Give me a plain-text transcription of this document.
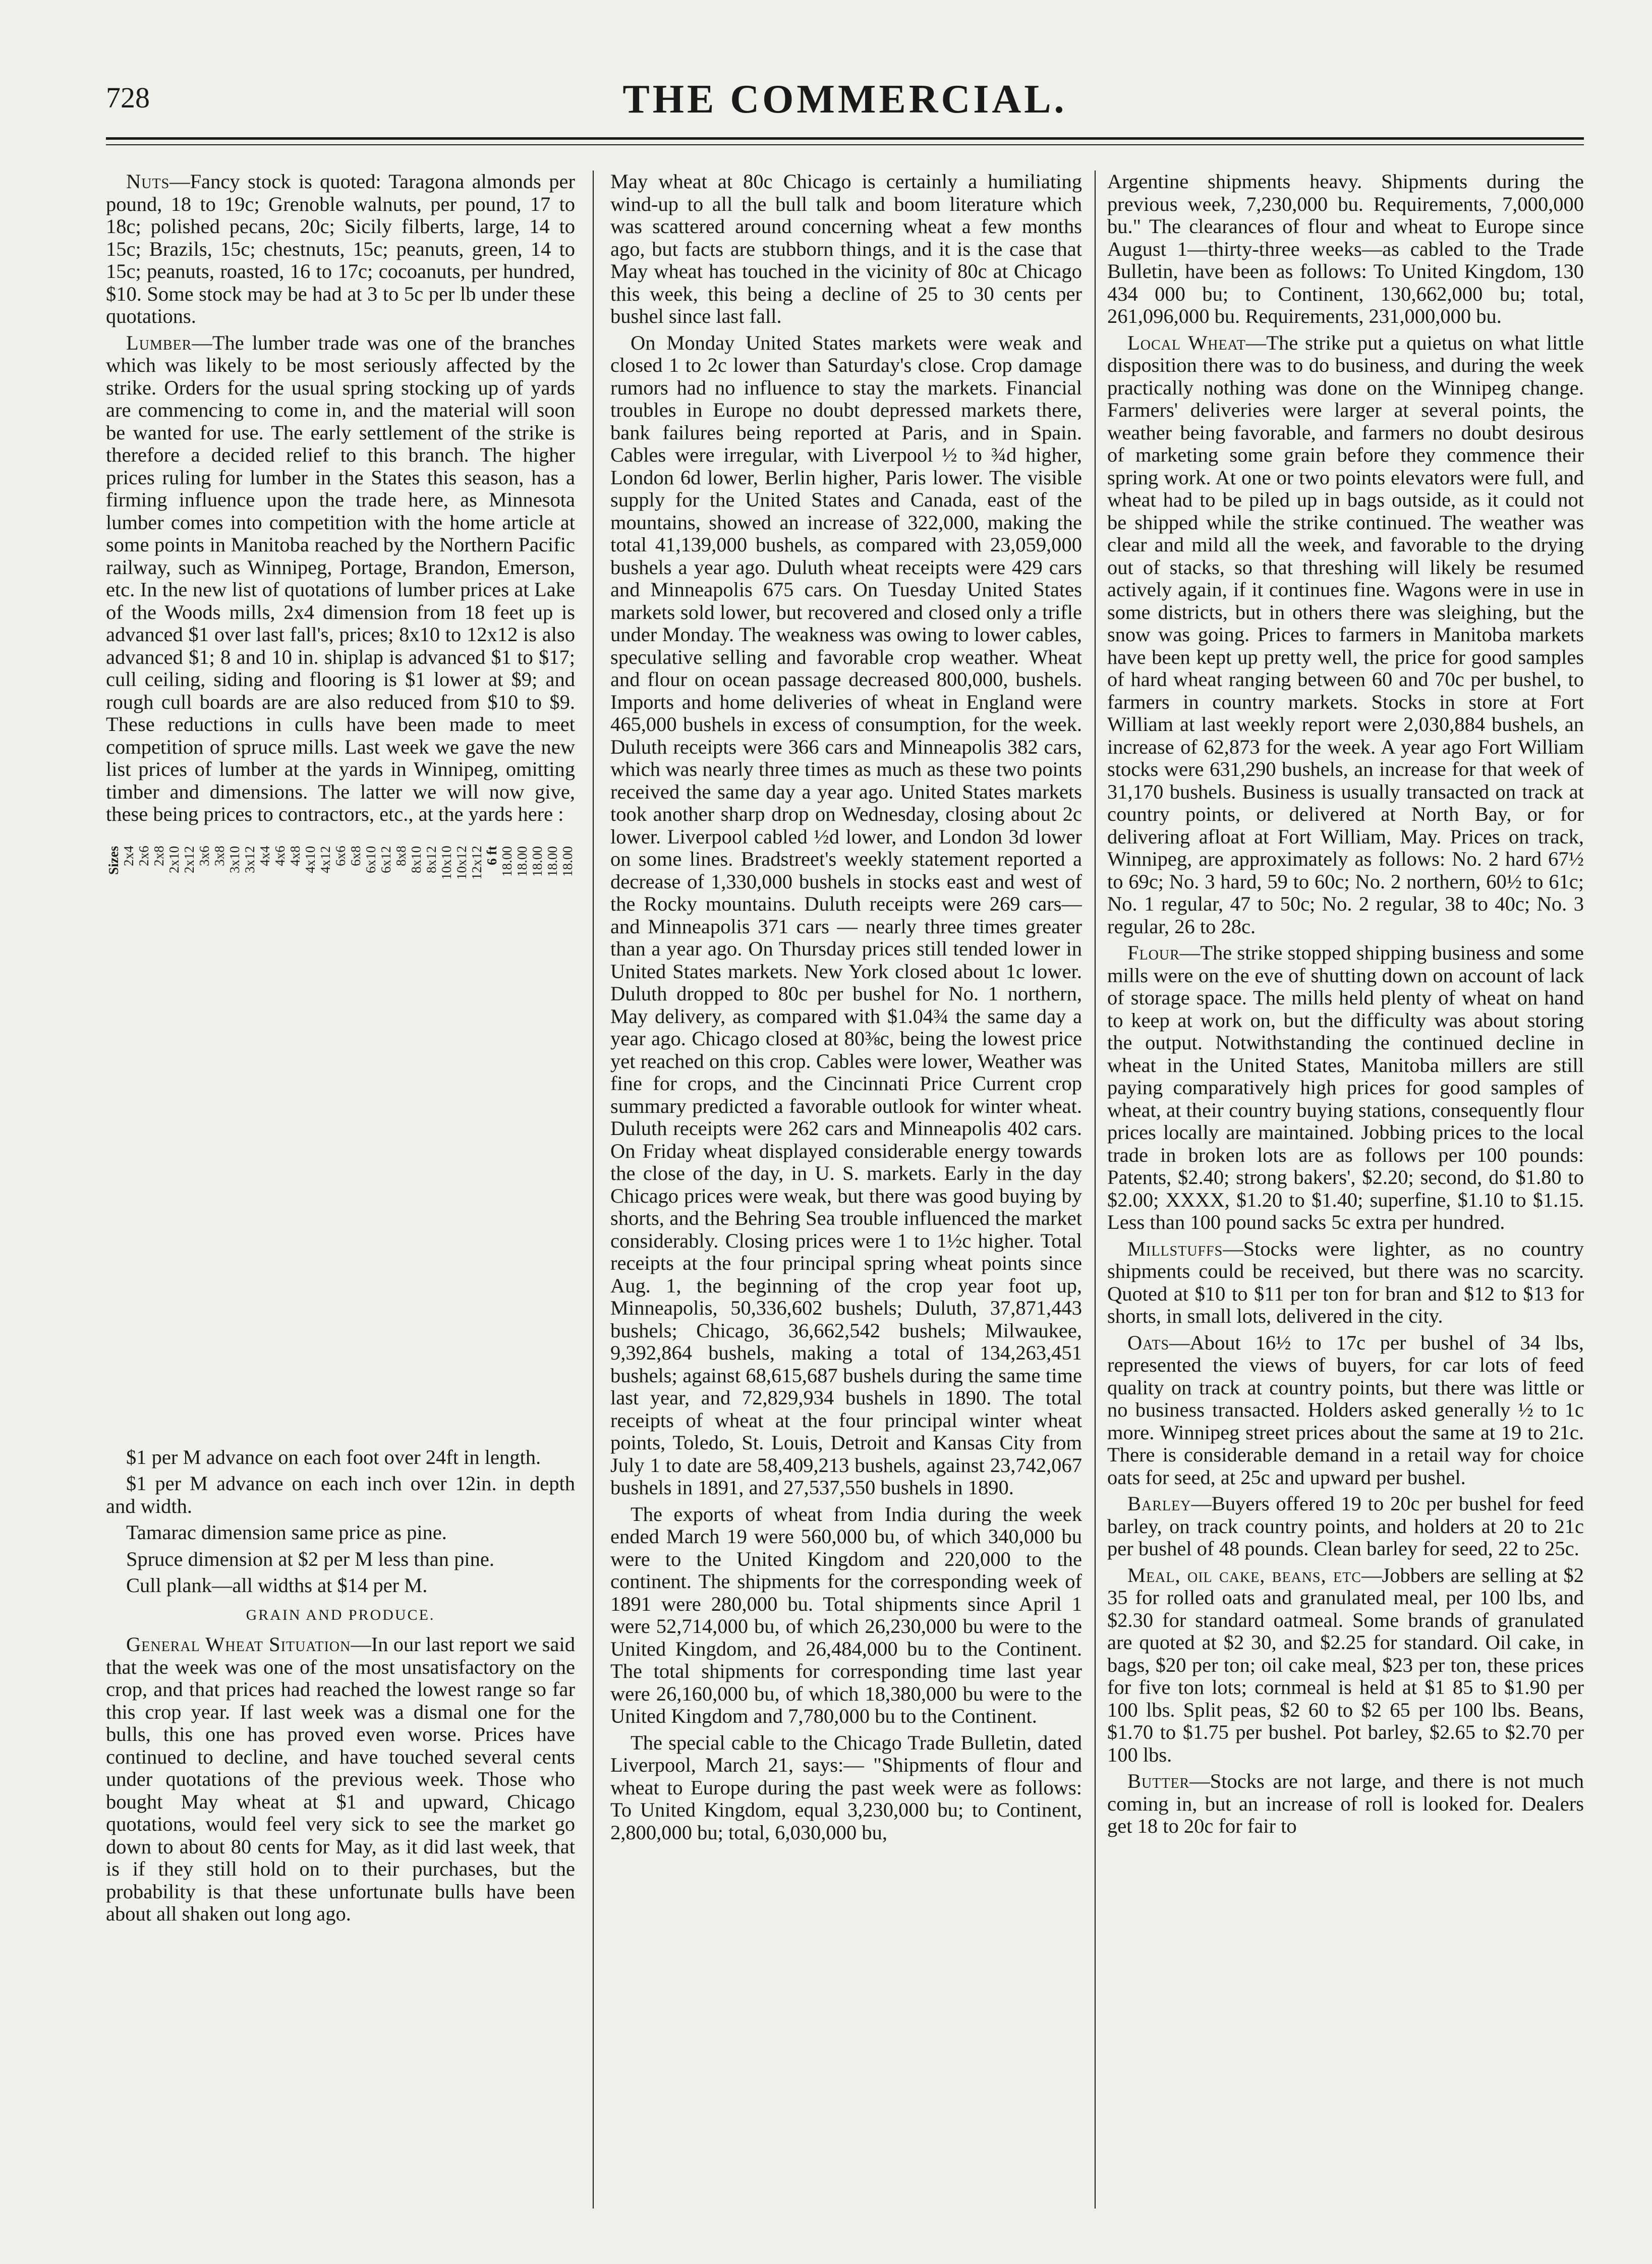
728	THE COMMERCIAL.

Nuts—Fancy stock is quoted: Taragona almonds per pound, 18 to 19c; Grenoble walnuts, per pound, 17 to 18c; polished pecans, 20c; Sicily filberts, large, 14 to 15c; Brazils, 15c; chestnuts, 15c; peanuts, green, 14 to 15c; peanuts, roasted, 16 to 17c; cocoanuts, per hundred, $10. Some stock may be had at 3 to 5c per lb under these quotations.

Lumber—The lumber trade was one of the branches which was likely to be most seriously affected by the strike. Orders for the usual spring stocking up of yards are commencing to come in, and the material will soon be wanted for use. The early settlement of the strike is therefore a decided relief to this branch. The higher prices ruling for lumber in the States this season, has a firming influence upon the trade here, as Minnesota lumber comes into competition with the home article at some points in Manitoba reached by the Northern Pacific railway, such as Winnipeg, Portage, Brandon, Emerson, etc. In the new list of quotations of lumber prices at Lake of the Woods mills, 2x4 dimension from 18 feet up is advanced $1 over last fall's, prices; 8x10 to 12x12 is also advanced $1; 8 and 10 in. shiplap is advanced $1 to $17; cull ceiling, siding and flooring is $1 lower at $9; and rough cull boards are are also reduced from $10 to $9. These reductions in culls have been made to meet competition of spruce mills. Last week we gave the new list prices of lumber at the yards in Winnipeg, omitting timber and dimensions. The latter we will now give, these being prices to contractors, etc., at the yards here :

Sizes
2x4
2x6
2x8
2x10
2x12
3x6
3x8
3x10
3x12
4x4
4x6
4x8
4x10
4x12
6x6
6x8
6x10
6x12
8x8
8x10
8x12
10x10
10x12
12x12 6 ft
18.00
18.00
18.00
18.00
18.00

$1 per M advance on each foot over 24ft in length.

$1 per M advance on each inch over 12in. in depth and width.

Tamarac dimension same price as pine.

Spruce dimension at $2 per M less than pine.

Cull plank—all widths at $14 per M.

GRAIN AND PRODUCE.

General Wheat Situation—In our last report we said that the week was one of the most unsatisfactory on the crop, and that prices had reached the lowest range so far this crop year. If last week was a dismal one for the bulls, this one has proved even worse. Prices have continued to decline, and have touched several cents under quotations of the previous week. Those who bought May wheat at $1 and upward, Chicago quotations, would feel very sick to see the market go down to about 80 cents for May, as it did last week, that is if they still hold on to their purchases, but the probability is that these unfortunate bulls have been about all shaken out long ago.

May wheat at 80c Chicago is certainly a humiliating wind-up to all the bull talk and boom literature which was scattered around concerning wheat a few months ago, but facts are stubborn things, and it is the case that May wheat has touched in the vicinity of 80c at Chicago this week, this being a decline of 25 to 30 cents per bushel since last fall.

On Monday United States markets were weak and closed 1 to 2c lower than Saturday's close. Crop damage rumors had no influence to stay the markets. Financial troubles in Europe no doubt depressed markets there, bank failures being reported at Paris, and in Spain. Cables were irregular, with Liverpool ½ to ¾d higher, London 6d lower, Berlin higher, Paris lower. The visible supply for the United States and Canada, east of the mountains, showed an increase of 322,000, making the total 41,139,000 bushels, as compared with 23,059,000 bushels a year ago. Duluth wheat receipts were 429 cars and Minneapolis 675 cars. On Tuesday United States markets sold lower, but recovered and closed only a trifle under Monday. The weakness was owing to lower cables, speculative selling and favorable crop weather. Wheat and flour on ocean passage decreased 800,000, bushels. Imports and home deliveries of wheat in England were 465,000 bushels in excess of consumption, for the week. Duluth receipts were 366 cars and Minneapolis 382 cars, which was nearly three times as much as these two points received the same day a year ago. United States markets took another sharp drop on Wednesday, closing about 2c lower. Liverpool cabled ½d lower, and London 3d lower on some lines. Bradstreet's weekly statement reported a decrease of 1,330,000 bushels in stocks east and west of the Rocky mountains. Duluth receipts were 269 cars—and Minneapolis 371 cars — nearly three times greater than a year ago. On Thursday prices still tended lower in United States markets. New York closed about 1c lower. Duluth dropped to 80c per bushel for No. 1 northern, May delivery, as compared with $1.04¾ the same day a year ago. Chicago closed at 80⅜c, being the lowest price yet reached on this crop. Cables were lower, Weather was fine for crops, and the Cincinnati Price Current crop summary predicted a favorable outlook for winter wheat. Duluth receipts were 262 cars and Minneapolis 402 cars. On Friday wheat displayed considerable energy towards the close of the day, in U. S. markets. Early in the day Chicago prices were weak, but there was good buying by shorts, and the Behring Sea trouble influenced the market considerably. Closing prices were 1 to 1½c higher. Total receipts at the four principal spring wheat points since Aug. 1, the beginning of the crop year foot up, Minneapolis, 50,336,602 bushels; Duluth, 37,871,443 bushels; Chicago, 36,662,542 bushels; Milwaukee, 9,392,864 bushels, making a total of 134,263,451 bushels; against 68,615,687 bushels during the same time last year, and 72,829,934 bushels in 1890. The total receipts of wheat at the four principal winter wheat points, Toledo, St. Louis, Detroit and Kansas City from July 1 to date are 58,409,213 bushels, against 23,742,067 bushels in 1891, and 27,537,550 bushels in 1890.

The exports of wheat from India during the week ended March 19 were 560,000 bu, of which 340,000 bu were to the United Kingdom and 220,000 to the continent. The shipments for the corresponding week of 1891 were 280,000 bu. Total shipments since April 1 were 52,714,000 bu, of which 26,230,000 bu were to the United Kingdom, and 26,484,000 bu to the Continent. The total shipments for corresponding time last year were 26,160,000 bu, of which 18,380,000 bu were to the United Kingdom and 7,780,000 bu to the Continent.

The special cable to the Chicago Trade Bulletin, dated Liverpool, March 21, says:— "Shipments of flour and wheat to Europe during the past week were as follows: To United Kingdom, equal 3,230,000 bu; to Continent, 2,800,000 bu; total, 6,030,000 bu,

Argentine shipments heavy. Shipments during the previous week, 7,230,000 bu. Requirements, 7,000,000 bu." The clearances of flour and wheat to Europe since August 1—thirty-three weeks—as cabled to the Trade Bulletin, have been as follows: To United Kingdom, 130 434 000 bu; to Continent, 130,662,000 bu; total, 261,096,000 bu. Requirements, 231,000,000 bu.

Local Wheat—The strike put a quietus on what little disposition there was to do business, and during the week practically nothing was done on the Winnipeg change. Farmers' deliveries were larger at several points, the weather being favorable, and farmers no doubt desirous of marketing some grain before they commence their spring work. At one or two points elevators were full, and wheat had to be piled up in bags outside, as it could not be shipped while the strike continued. The weather was clear and mild all the week, and favorable to the drying out of stacks, so that threshing will likely be resumed actively again, if it continues fine. Wagons were in use in some districts, but in others there was sleighing, but the snow was going. Prices to farmers in Manitoba markets have been kept up pretty well, the price for good samples of hard wheat ranging between 60 and 70c per bushel, to farmers in country markets. Stocks in store at Fort William at last weekly report were 2,030,884 bushels, an increase of 62,873 for the week. A year ago Fort William stocks were 631,290 bushels, an increase for that week of 31,170 bushels. Business is usually transacted on track at country points, or delivered at North Bay, or for delivering afloat at Fort William, May. Prices on track, Winnipeg, are approximately as follows: No. 2 hard 67½ to 69c; No. 3 hard, 59 to 60c; No. 2 northern, 60½ to 61c; No. 1 regular, 47 to 50c; No. 2 regular, 38 to 40c; No. 3 regular, 26 to 28c.

Flour—The strike stopped shipping business and some mills were on the eve of shutting down on account of lack of storage space. The mills held plenty of wheat on hand to keep at work on, but the difficulty was about storing the output. Notwithstanding the continued decline in wheat in the United States, Manitoba millers are still paying comparatively high prices for good samples of wheat, at their country buying stations, consequently flour prices locally are maintained. Jobbing prices to the local trade in broken lots are as follows per 100 pounds: Patents, $2.40; strong bakers', $2.20; second, do $1.80 to $2.00; XXXX, $1.20 to $1.40; superfine, $1.10 to $1.15. Less than 100 pound sacks 5c extra per hundred.

Millstuffs—Stocks were lighter, as no country shipments could be received, but there was no scarcity. Quoted at $10 to $11 per ton for bran and $12 to $13 for shorts, in small lots, delivered in the city.

Oats—About 16½ to 17c per bushel of 34 lbs, represented the views of buyers, for car lots of feed quality on track at country points, but there was little or no business transacted. Holders asked generally ½ to 1c more. Winnipeg street prices about the same at 19 to 21c. There is considerable demand in a retail way for choice oats for seed, at 25c and upward per bushel.

Barley—Buyers offered 19 to 20c per bushel for feed barley, on track country points, and holders at 20 to 21c per bushel of 48 pounds. Clean barley for seed, 22 to 25c.

Meal, oil cake, beans, etc—Jobbers are selling at $2 35 for rolled oats and granulated meal, per 100 lbs, and $2.30 for standard oatmeal. Some brands of granulated are quoted at $2 30, and $2.25 for standard. Oil cake, in bags, $20 per ton; oil cake meal, $23 per ton, these prices for five ton lots; cornmeal is held at $1 85 to $1.90 per 100 lbs. Split peas, $2 60 to $2 65 per 100 lbs. Beans, $1.70 to $1.75 per bushel. Pot barley, $2.65 to $2.70 per 100 lbs.

Butter—Stocks are not large, and there is not much coming in, but an increase of roll is looked for. Dealers get 18 to 20c for fair to
